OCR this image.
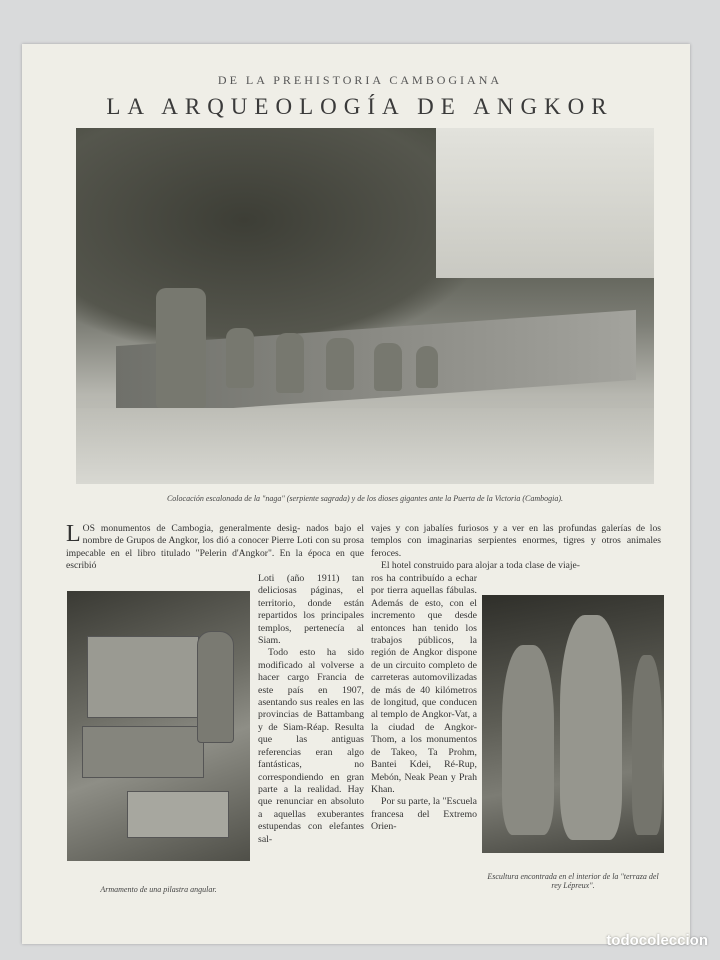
DE LA PREHISTORIA CAMBOGIANA
LA ARQUEOLOGÍA DE ANGKOR
Colocación escalonada de la "naga" (serpiente sagrada) y de los dioses gigantes ante la Puerta de la Victoria (Cambogia).
L OS monumentos de Cambogia, generalmente desig- nados bajo el nombre de Grupos de Angkor, los dió a conocer Pierre Loti con su prosa impecable en el libro titulado "Pelerin d'Angkor". En la época en que escribió

vajes y con jabalíes furiosos y a ver en las profundas galerías de los templos con imaginarias serpientes enormes, tigres y otros animales feroces.

El hotel construido para alojar a toda clase de viaje-

Armamento de una pilastra angular.

Loti (año 1911) tan deliciosas páginas, el territorio, donde están repartidos los principales templos, pertenecía al Siam.

Todo esto ha sido modificado al volverse a hacer cargo Francia de este país en 1907, asentando sus reales en las provincias de Battambang y de Siam-Réap. Resulta que las antiguas referencias eran algo fantásticas, no correspondiendo en gran parte a la realidad. Hay que renunciar en absoluto a aquellas exuberantes estupendas con elefantes sal-

ros ha contribuído a echar por tierra aquellas fábulas. Además de esto, con el incremento que desde entonces han tenido los trabajos públicos, la región de Angkor dispone de un circuito completo de carreteras automovilizadas de más de 40 kilómetros de longitud, que conducen al templo de Angkor-Vat, a la ciudad de Angkor-Thom, a los monumentos de Takeo, Ta Prohm, Bantei Kdei, Ré-Rup, Mebón, Neak Pean y Prah Khan.

Por su parte, la "Escuela francesa del Extremo Orien-

Escultura encontrada en el interior de la "terraza del rey Lépreux".
todocoleccion
